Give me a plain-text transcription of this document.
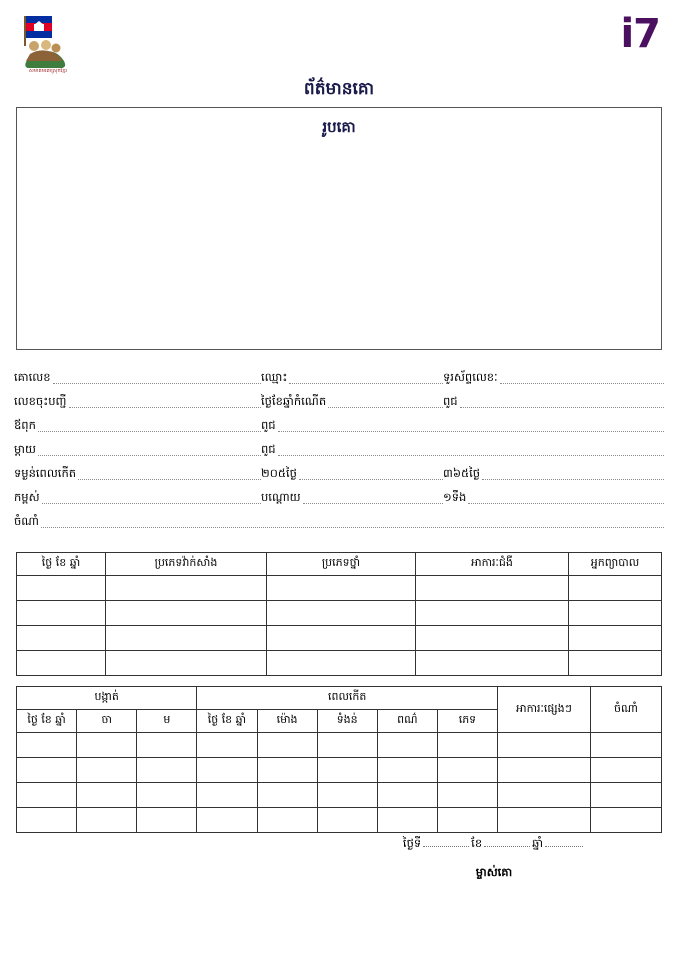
សមាគមគោស្រុកខ្មែរ
i7
ព័ត៌មានគោ
រូបគោ
គោលេខ	ឈ្មោះ	ទូរស័ព្ទលេខៈ
លេខចុះបញ្ជី	ថ្ងៃខែឆ្នាំកំណើត	ពូជ
ឪពុក	ពូជ
ម្តាយ	ពូជ
ទម្ងន់ពេលកើត	២០៥ថ្ងៃ	៣៦៥ថ្ងៃ
កម្ពស់	បណ្ដោយ	១ទឹង
ចំណាំ
ថ្ងៃ ខែ ឆ្នាំ	ប្រភេទវ៉ាក់សាំង	ប្រភេទថ្នាំ	អាការៈជំងឺ	អ្នកព្យាបាល

បង្កាត់			ពេលកើត					អាការៈផ្សេងៗ	ចំណាំ
ថ្ងៃ ខែ ឆ្នាំ	ចា	ម	ថ្ងៃ ខែ ឆ្នាំ	ម៉ោង	ទំងន់	ពណ៌	ភេទ		

ថ្ងៃទី	ខែ	ឆ្នាំ
ម្ចាស់គោ
